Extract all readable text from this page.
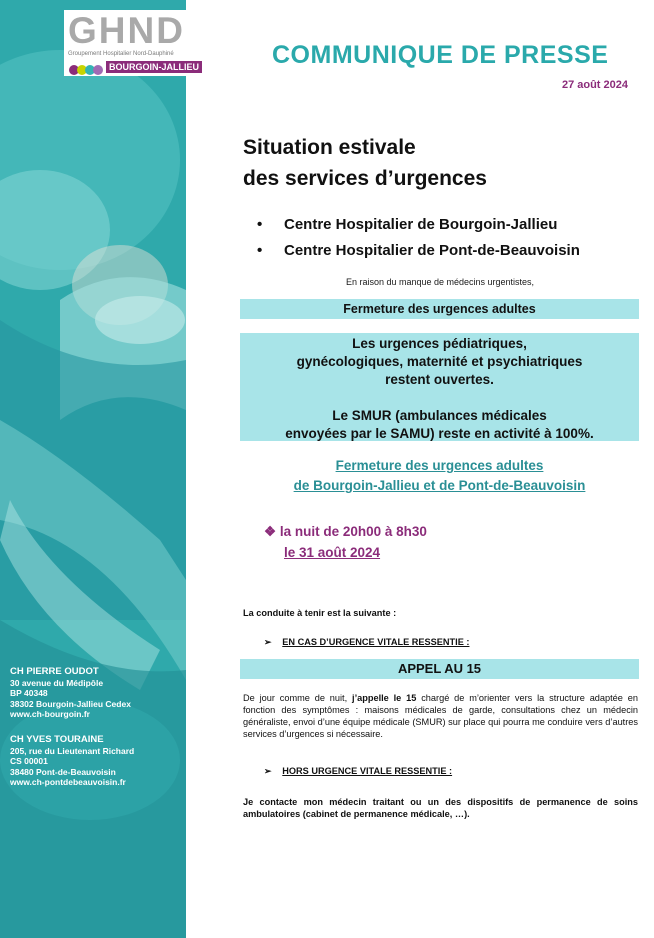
CH PIERRE OUDOT
30 avenue du Médipôle
BP 40348
38302 Bourgoin-Jallieu Cedex
www.ch-bourgoin.fr
CH YVES TOURAINE
205, rue du Lieutenant Richard
CS 00001
38480 Pont-de-Beauvoisin
www.ch-pontdebeauvoisin.fr
GHND
Groupement Hospitalier Nord-Dauphiné
BOURGOIN-JALLIEU	COMMUNIQUE DE PRESSE
27 août 2024
Situation estivale
des services d’urgences
• Centre Hospitalier de Bourgoin-Jallieu
• Centre Hospitalier de Pont-de-Beauvoisin
En raison du manque de médecins urgentistes,
Fermeture des urgences adultes
Les urgences pédiatriques,
gynécologiques, maternité et psychiatriques
restent ouvertes.
Le SMUR (ambulances médicales
envoyées par le SAMU) reste en activité à 100%.
Fermeture des urgences adultes
de Bourgoin-Jallieu et de Pont-de-Beauvoisin
❖ la nuit de 20h00 à 8h30
le 31 août 2024
La conduite à tenir est la suivante :
➢ EN CAS D’URGENCE VITALE RESSENTIE :
APPEL AU 15
De jour comme de nuit, j’appelle le 15 chargé de m’orienter vers la structure adaptée en fonction des symptômes : maisons médicales de garde, consultations chez un médecin généraliste, envoi d’une équipe médicale (SMUR) sur place qui pourra me conduire vers d’autres services d’urgences si nécessaire.
➢ HORS URGENCE VITALE RESSENTIE :
Je contacte mon médecin traitant ou un des dispositifs de permanence de soins ambulatoires (cabinet de permanence médicale, …).
